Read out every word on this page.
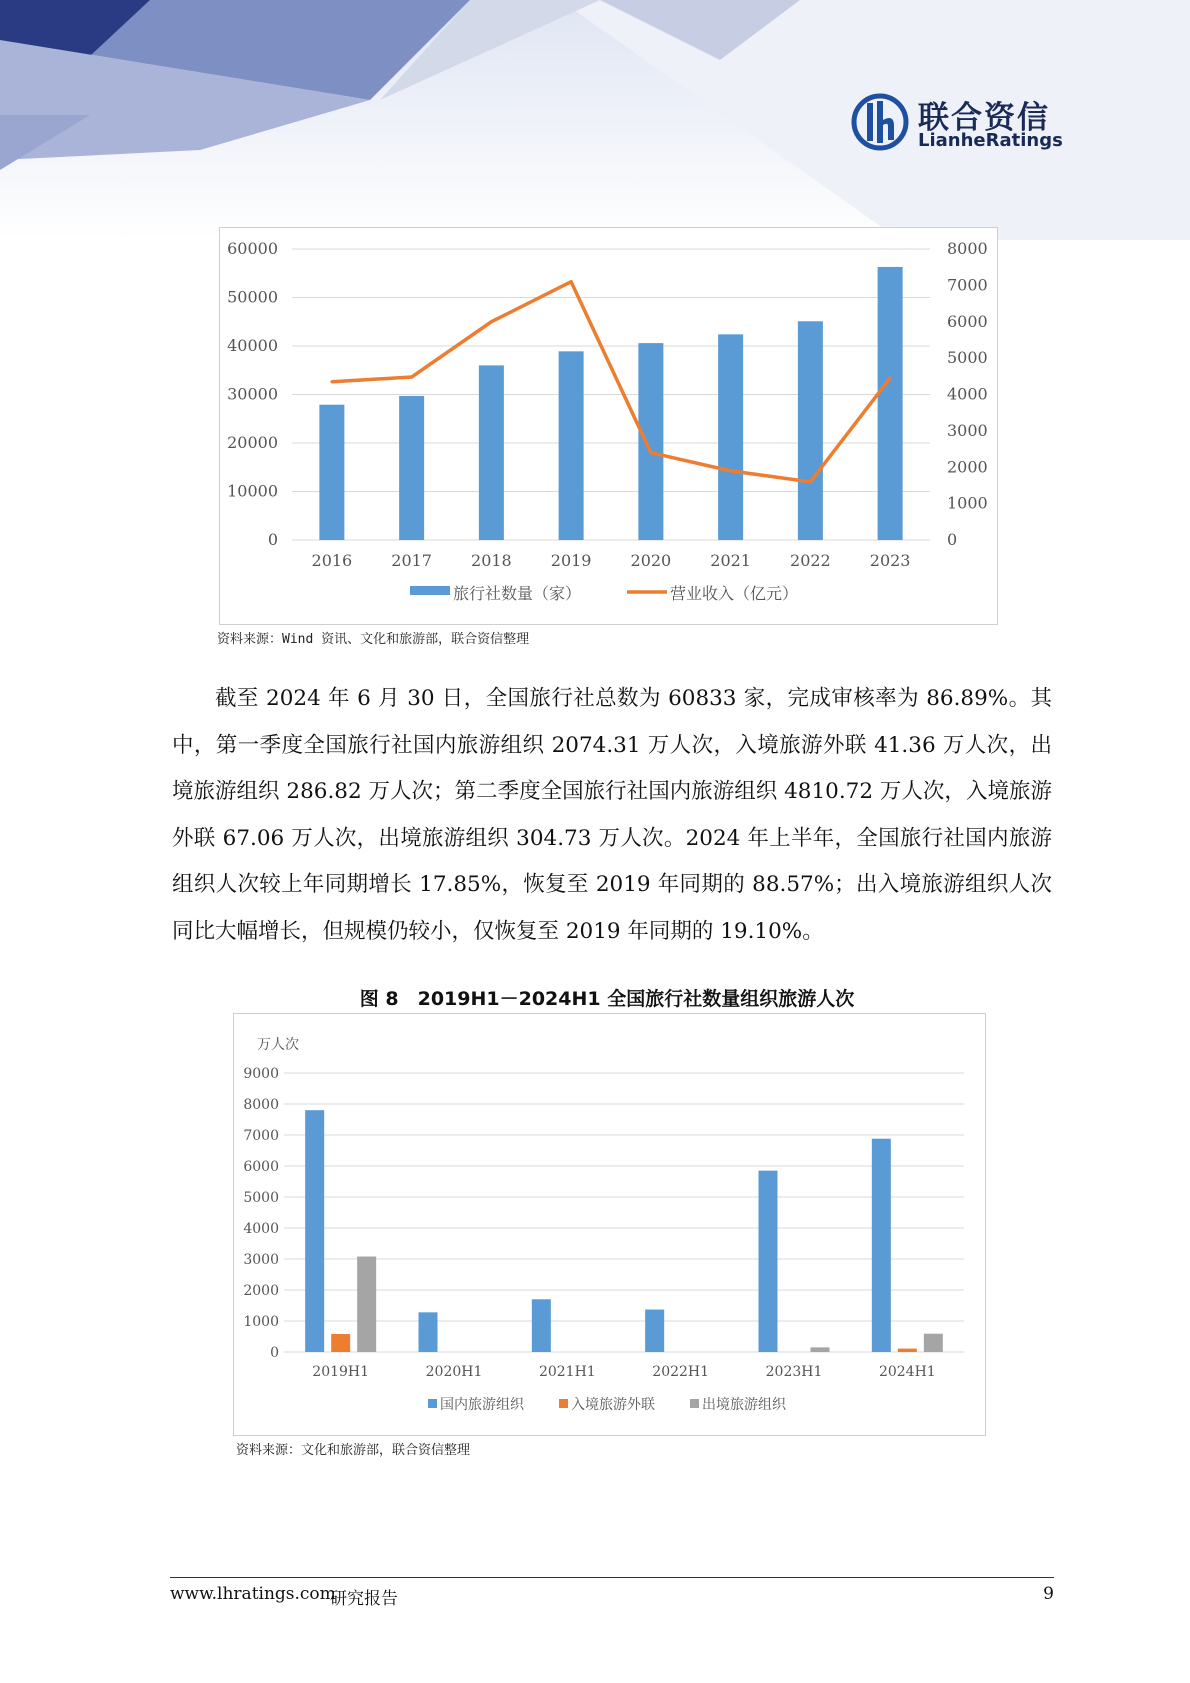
联合资信
LianheRatings
0
10000
20000
30000
40000
50000
60000
0
1000
2000
3000
4000
5000
6000
7000
8000
2016 2017 2018 2019 2020 2021 2022 2023
旅行社数量（家）	营业收入（亿元）
资料来源：Wind 资讯、文化和旅游部，联合资信整理

截至 2024 年 6 月 30 日，全国旅行社总数为 60833 家，完成审核率为 86.89%。其中，第一季度全国旅行社国内旅游组织 2074.31 万人次，入境旅游外联 41.36 万人次，出境旅游组织 286.82 万人次；第二季度全国旅行社国内旅游组织 4810.72 万人次，入境旅游外联 67.06 万人次，出境旅游组织 304.73 万人次。2024 年上半年，全国旅行社国内旅游组织人次较上年同期增长 17.85%，恢复至 2019 年同期的 88.57%；出入境旅游组织人次同比大幅增长，但规模仍较小，仅恢复至 2019 年同期的 19.10%。

图 8　2019H1－2024H1 全国旅行社数量组织旅游人次
万人次
0
1000
2000
3000
4000
5000
6000
7000
8000
9000
2019H1	2020H1	2021H1	2022H1	2023H1	2024H1
国内旅游组织	入境旅游外联	出境旅游组织
资料来源：文化和旅游部，联合资信整理
www.lhratings.com
研究报告	9
